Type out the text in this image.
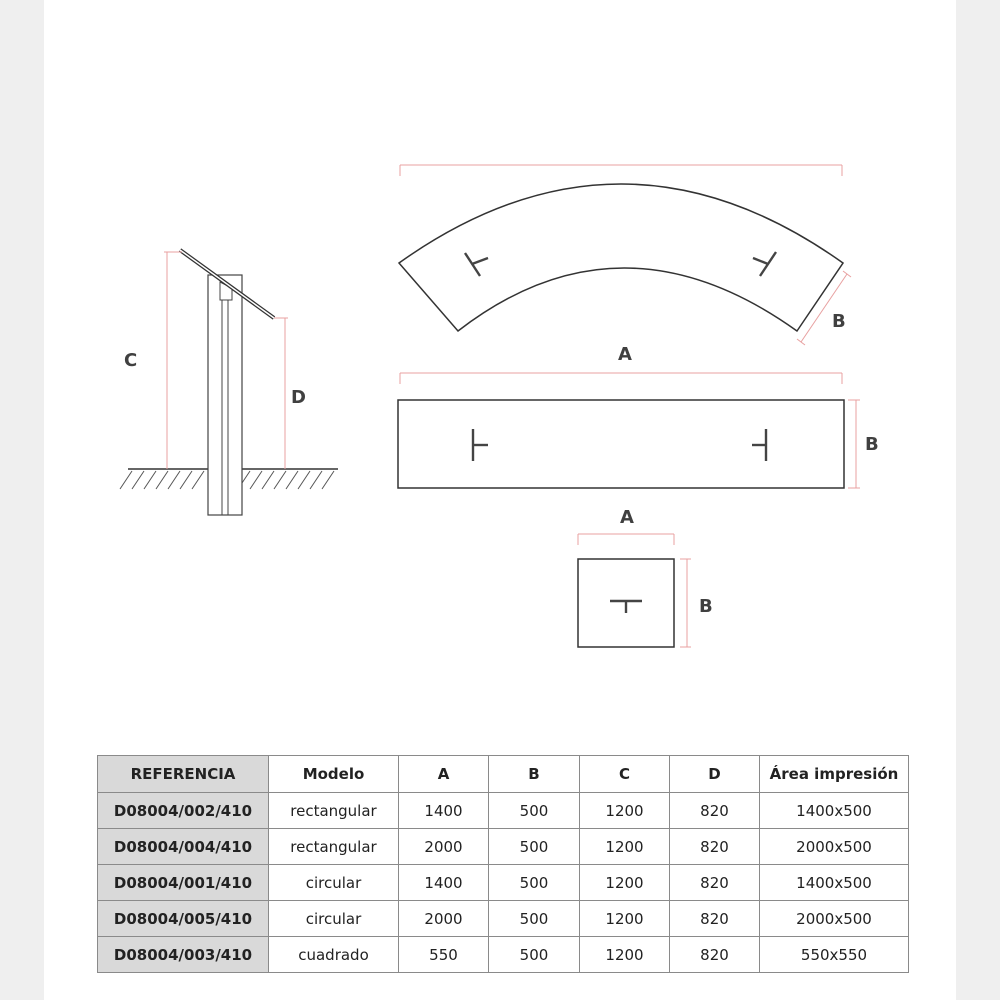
C
D
B
A
B
A
B
REFERENCIA	Modelo	A	B	C	D	Área impresión
D08004/002/410	rectangular	1400	500	1200	820	1400x500
D08004/004/410	rectangular	2000	500	1200	820	2000x500
D08004/001/410	circular	1400	500	1200	820	1400x500
D08004/005/410	circular	2000	500	1200	820	2000x500
D08004/003/410	cuadrado	550	500	1200	820	550x550
